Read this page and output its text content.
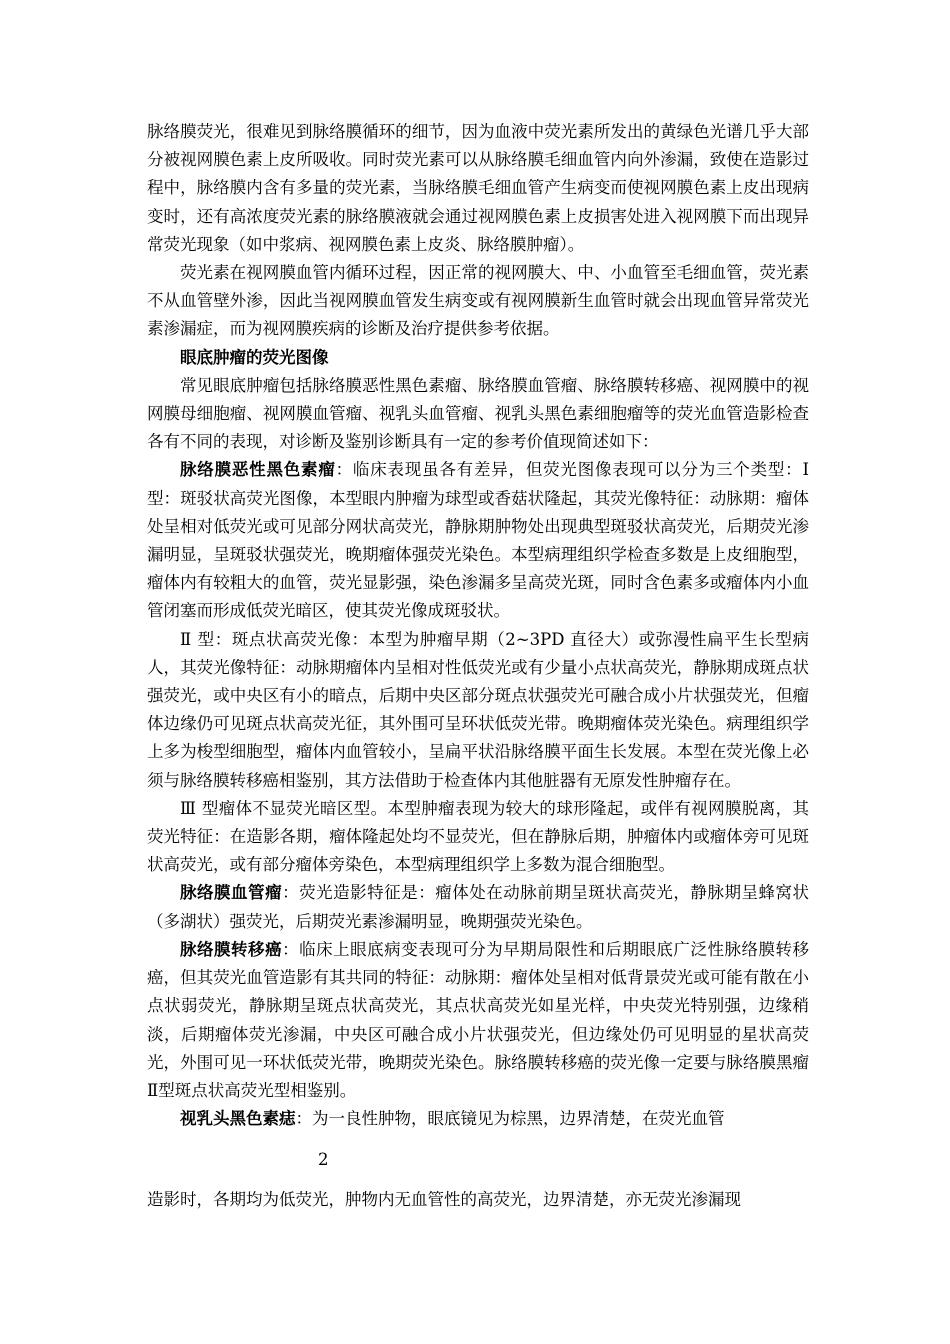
脉络膜荧光，很难见到脉络膜循环的细节，因为血液中荧光素所发出的黄绿色光谱几乎大部分被视网膜色素上皮所吸收。同时荧光素可以从脉络膜毛细血管内向外渗漏，致使在造影过程中，脉络膜内含有多量的荧光素，当脉络膜毛细血管产生病变而使视网膜色素上皮出现病变时，还有高浓度荧光素的脉络膜液就会通过视网膜色素上皮损害处进入视网膜下而出现异常荧光现象（如中浆病、视网膜色素上皮炎、脉络膜肿瘤）。

荧光素在视网膜血管内循环过程，因正常的视网膜大、中、小血管至毛细血管，荧光素不从血管壁外渗，因此当视网膜血管发生病变或有视网膜新生血管时就会出现血管异常荧光素渗漏症，而为视网膜疾病的诊断及治疗提供参考依据。

眼底肿瘤的荧光图像

常见眼底肿瘤包括脉络膜恶性黑色素瘤、脉络膜血管瘤、脉络膜转移癌、视网膜中的视网膜母细胞瘤、视网膜血管瘤、视乳头血管瘤、视乳头黑色素细胞瘤等的荧光血管造影检查各有不同的表现，对诊断及鉴别诊断具有一定的参考价值现简述如下：

脉络膜恶性黑色素瘤：临床表现虽各有差异，但荧光图像表现可以分为三个类型：Ⅰ型：斑驳状高荧光图像，本型眼内肿瘤为球型或香菇状隆起，其荧光像特征：动脉期：瘤体处呈相对低荧光或可见部分网状高荧光，静脉期肿物处出现典型斑驳状高荧光，后期荧光渗漏明显，呈斑驳状强荧光，晚期瘤体强荧光染色。本型病理组织学检查多数是上皮细胞型，瘤体内有较粗大的血管，荧光显影强，染色渗漏多呈高荧光斑，同时含色素多或瘤体内小血管闭塞而形成低荧光暗区，使其荧光像成斑驳状。

Ⅱ 型：斑点状高荧光像：本型为肿瘤早期（2~3PD 直径大）或弥漫性扁平生长型病人，其荧光像特征：动脉期瘤体内呈相对性低荧光或有少量小点状高荧光，静脉期成斑点状强荧光，或中央区有小的暗点，后期中央区部分斑点状强荧光可融合成小片状强荧光，但瘤体边缘仍可见斑点状高荧光征，其外围可呈环状低荧光带。晚期瘤体荧光染色。病理组织学上多为梭型细胞型，瘤体内血管较小，呈扁平状沿脉络膜平面生长发展。本型在荧光像上必须与脉络膜转移癌相鉴别，其方法借助于检查体内其他脏器有无原发性肿瘤存在。

Ⅲ 型瘤体不显荧光暗区型。本型肿瘤表现为较大的球形隆起，或伴有视网膜脱离，其荧光特征：在造影各期，瘤体隆起处均不显荧光，但在静脉后期，肿瘤体内或瘤体旁可见斑状高荧光，或有部分瘤体旁染色，本型病理组织学上多数为混合细胞型。

脉络膜血管瘤：荧光造影特征是：瘤体处在动脉前期呈斑状高荧光，静脉期呈蜂窝状（多湖状）强荧光，后期荧光素渗漏明显，晚期强荧光染色。

脉络膜转移癌：临床上眼底病变表现可分为早期局限性和后期眼底广泛性脉络膜转移癌，但其荧光血管造影有其共同的特征：动脉期：瘤体处呈相对低背景荧光或可能有散在小点状弱荧光，静脉期呈斑点状高荧光，其点状高荧光如星光样，中央荧光特别强，边缘稍淡，后期瘤体荧光渗漏，中央区可融合成小片状强荧光，但边缘处仍可见明显的星状高荧光，外围可见一环状低荧光带，晚期荧光染色。脉络膜转移癌的荧光像一定要与脉络膜黑瘤Ⅱ型斑点状高荧光型相鉴别。

视乳头黑色素痣：为一良性肿物，眼底镜见为棕黑，边界清楚，在荧光血管

2

造影时，各期均为低荧光，肿物内无血管性的高荧光，边界清楚，亦无荧光渗漏现
